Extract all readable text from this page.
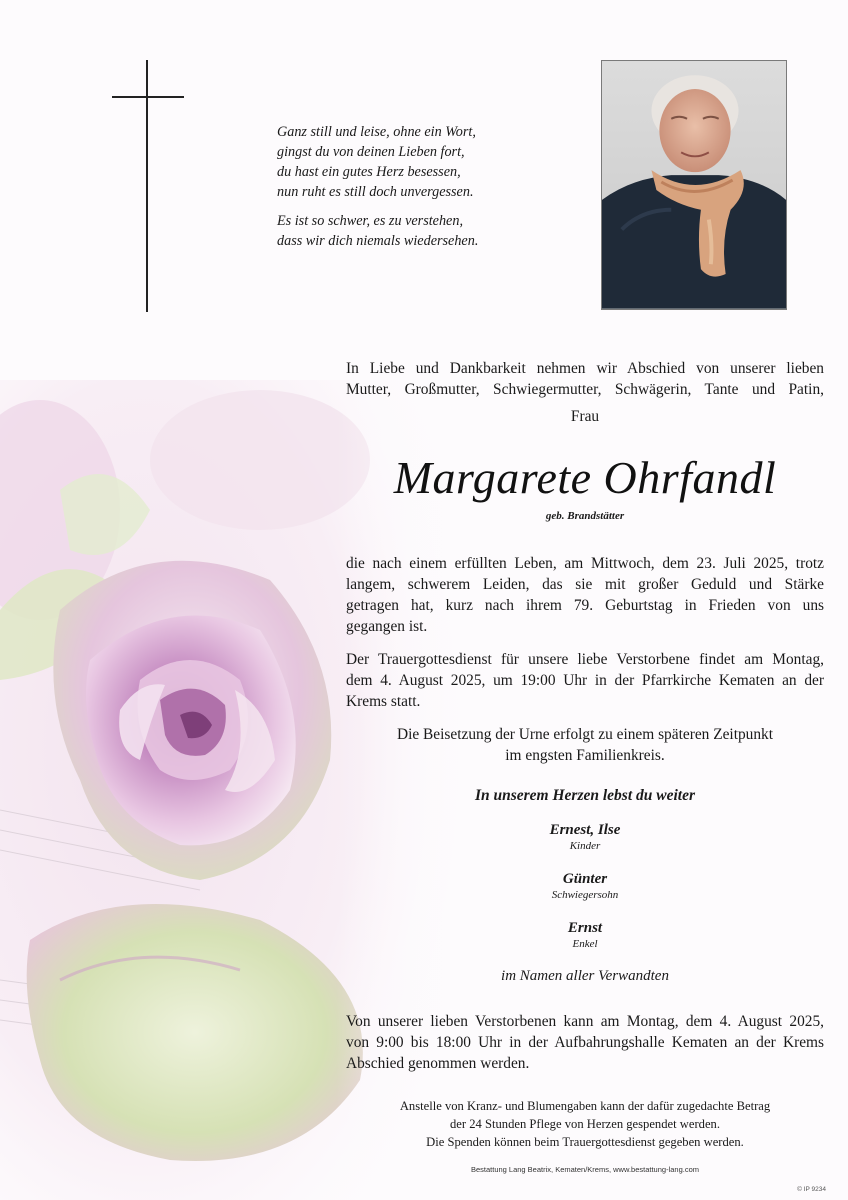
Ganz still und leise, ohne ein Wort,
gingst du von deinen Lieben fort,
du hast ein gutes Herz besessen,
nun ruht es still doch unvergessen.
Es ist so schwer, es zu verstehen,
dass wir dich niemals wiedersehen.
In Liebe und Dankbarkeit nehmen wir Abschied von unserer lieben
Mutter, Großmutter, Schwiegermutter, Schwägerin, Tante und Patin,
Frau
Margarete Ohrfandl
geb. Brandstätter
die nach einem erfüllten Leben, am Mittwoch, dem 23. Juli 2025, trotz
langem, schwerem Leiden, das sie mit großer Geduld und Stärke
getragen hat, kurz nach ihrem 79. Geburtstag in Frieden von uns
gegangen ist.
Der Trauergottesdienst für unsere liebe Verstorbene findet am Montag,
dem 4. August 2025, um 19:00 Uhr in der Pfarrkirche Kematen an der
Krems statt.
Die Beisetzung der Urne erfolgt zu einem späteren Zeitpunkt
im engsten Familienkreis.
In unserem Herzen lebst du weiter
Ernest, Ilse
Kinder
Günter
Schwiegersohn
Ernst
Enkel
im Namen aller Verwandten
Von unserer lieben Verstorbenen kann am Montag, dem 4. August 2025,
von 9:00 bis 18:00 Uhr in der Aufbahrungshalle Kematen an der Krems
Abschied genommen werden.
Anstelle von Kranz- und Blumengaben kann der dafür zugedachte Betrag
der 24 Stunden Pflege von Herzen gespendet werden.
Die Spenden können beim Trauergottesdienst gegeben werden.
Bestattung Lang Beatrix, Kematen/Krems, www.bestattung-lang.com
© IP 9234
